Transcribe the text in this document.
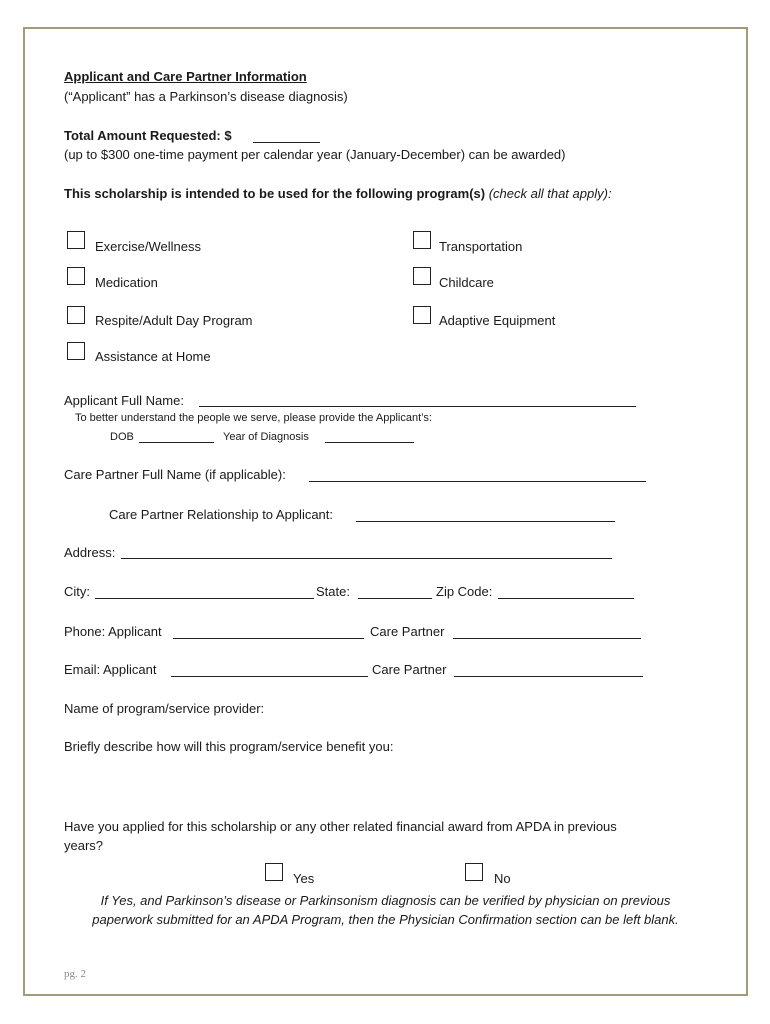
Applicant and Care Partner Information
(“Applicant” has a Parkinson’s disease diagnosis)
Total Amount Requested: $
(up to $300 one-time payment per calendar year (January-December) can be awarded)
This scholarship is intended to be used for the following program(s) (check all that apply):
Exercise/Wellness	Transportation
Medication	Childcare
Respite/Adult Day Program	Adaptive Equipment
Assistance at Home
Applicant Full Name:
To better understand the people we serve, please provide the Applicant’s:
DOB	Year of Diagnosis
Care Partner Full Name (if applicable):
Care Partner Relationship to Applicant:
Address:
City:	State:	Zip Code:
Phone: Applicant	Care Partner
Email: Applicant	Care Partner
Name of program/service provider:
Briefly describe how will this program/service benefit you:
Have you applied for this scholarship or any other related financial award from APDA in previous
years?
Yes	No
If Yes, and Parkinson’s disease or Parkinsonism diagnosis can be verified by physician on previous
paperwork submitted for an APDA Program, then the Physician Confirmation section can be left blank.
pg. 2
